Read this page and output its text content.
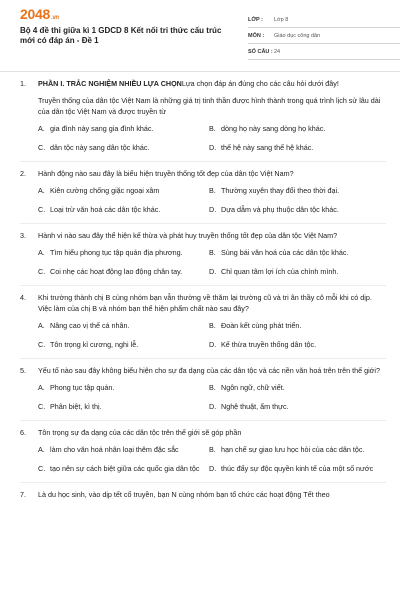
2048.vn
Bộ 4 đề thi giữa kì 1 GDCD 8 Kết nối tri thức cấu trúc mới có đáp án - Đề 1
LỚP :	Lớp 8
MÔN :	Giáo dục công dân
SỐ CÂU : 24
1.	PHẦN I. TRẮC NGHIỆM NHIỀU LỰA CHỌNLựa chọn đáp án đúng cho các câu hỏi dưới đây!
Truyền thống của dân tộc Việt Nam là những giá trị tinh thần được hình thành trong quá trình lịch sử lâu dài của dân tộc Việt Nam và được truyền từ
A. gia đình này sang gia đình khác.	B. dòng họ này sang dòng họ khác.
C. dân tộc này sang dân tộc khác.	D. thế hệ này sang thế hệ khác.
2.	Hành động nào sau đây là biểu hiện truyền thống tốt đẹp của dân tộc Việt Nam?
A. Kiên cường chống giặc ngoại xâm	B. Thường xuyên thay đổi theo thời đại.
C. Loại trừ văn hoá các dân tộc khác.	D. Dựa dẫm và phụ thuộc dân tộc khác.
3.	Hành vi nào sau đây thể hiện kế thừa và phát huy truyền thống tốt đẹp của dân tộc Việt Nam?
A. Tìm hiểu phong tục tập quán địa phương.	B. Sùng bái văn hoá của các dân tộc khác.
C. Coi nhẹ các hoạt động lao động chân tay.	D. Chỉ quan tâm lợi ích của chính mình.
4.	Khi trường thành chị B cùng nhóm bạn vẫn thường về thăm lại trường cũ và tri ân thầy cô mỗi khi có dịp. Việc làm của chị B và nhóm bạn thể hiện phẩm chất nào sau đây?
A. Nâng cao vị thế cá nhân.	B. Đoàn kết cùng phát triển.
C. Tôn trọng kỉ cương, nghi lễ.	D. Kế thừa truyền thống dân tộc.
5.	Yếu tố nào sau đây không biểu hiện cho sự đa dạng của các dân tộc và các nền văn hoá trên trên thế giới?
A. Phong tục tập quán.	B. Ngôn ngữ, chữ viết.
C. Phân biệt, kì thị.	D. Nghệ thuật, ẩm thực.
6.	Tôn trọng sự đa dạng của các dân tộc trên thế giới sẽ góp phần
A. làm cho văn hoá nhân loại thêm đặc sắc	B. hạn chế sự giao lưu học hỏi của các dân tộc.
C. tạo nên sự cách biệt giữa các quốc gia dân tộc	D. thúc đẩy sự độc quyền kinh tế của một số nước
7.	Là du học sinh, vào dịp tết cổ truyền, bạn N cùng nhóm bạn tổ chức các hoạt động Tết theo
